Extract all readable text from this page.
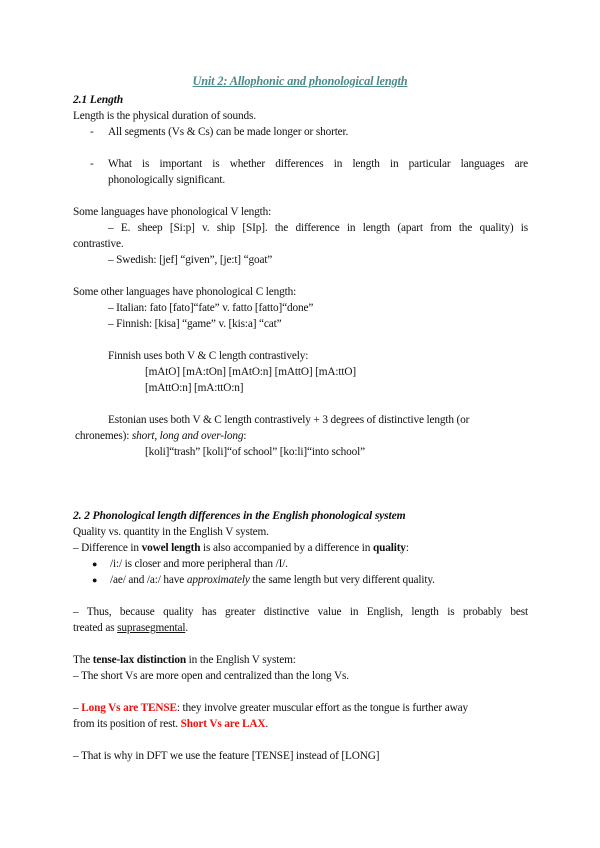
Unit 2: Allophonic and phonological length
2.1 Length
Length is the physical duration of sounds.
- All segments (Vs & Cs) can be made longer or shorter.
- What is important is whether differences in length in particular languages are
phonologically significant.
Some languages have phonological V length:
– E. sheep [Si:p] v. ship [SIp]. the difference in length (apart from the quality) is
contrastive.
– Swedish: [jef] “given”, [je:t] “goat”
Some other languages have phonological C length:
– Italian: fato [fato]“fate” v. fatto [fatto]“done”
– Finnish: [kisa] “game” v. [kis:a] “cat”
Finnish uses both V & C length contrastively:
[mAtO] [mA:tOn] [mAtO:n] [mAttO] [mA:ttO]
[mAttO:n] [mA:ttO:n]
Estonian uses both V & C length contrastively + 3 degrees of distinctive length (or
chronemes): short, long and over-long:
[koli]“trash” [koli]“of school” [ko:li]“into school”
2. 2 Phonological length differences in the English phonological system
Quality vs. quantity in the English V system.
– Difference in vowel length is also accompanied by a difference in quality:
● /i:/ is closer and more peripheral than /I/.
● /ae/ and /a:/ have approximately the same length but very different quality.
– Thus, because quality has greater distinctive value in English, length is probably best
treated as suprasegmental.
The tense-lax distinction in the English V system:
– The short Vs are more open and centralized than the long Vs.
– Long Vs are TENSE: they involve greater muscular effort as the tongue is further away
from its position of rest. Short Vs are LAX.
– That is why in DFT we use the feature [TENSE] instead of [LONG]
